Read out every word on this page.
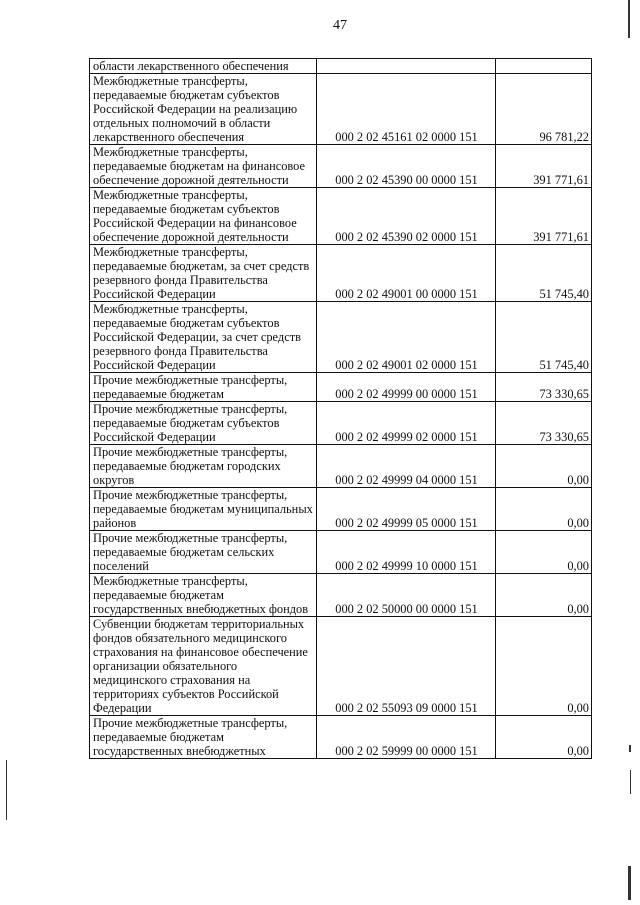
47
области лекарственного обеспечения		
Межбюджетные трансферты, передаваемые бюджетам субъектов Российской Федерации на реализацию отдельных полномочий в области лекарственного обеспечения	000 2 02 45161 02 0000 151	96 781,22
Межбюджетные трансферты, передаваемые бюджетам на финансовое обеспечение дорожной деятельности	000 2 02 45390 00 0000 151	391 771,61
Межбюджетные трансферты, передаваемые бюджетам субъектов Российской Федерации на финансовое обеспечение дорожной деятельности	000 2 02 45390 02 0000 151	391 771,61
Межбюджетные трансферты, передаваемые бюджетам, за счет средств резервного фонда Правительства Российской Федерации	000 2 02 49001 00 0000 151	51 745,40
Межбюджетные трансферты, передаваемые бюджетам субъектов Российской Федерации, за счет средств резервного фонда Правительства Российской Федерации	000 2 02 49001 02 0000 151	51 745,40
Прочие межбюджетные трансферты, передаваемые бюджетам	000 2 02 49999 00 0000 151	73 330,65
Прочие межбюджетные трансферты, передаваемые бюджетам субъектов Российской Федерации	000 2 02 49999 02 0000 151	73 330,65
Прочие межбюджетные трансферты, передаваемые бюджетам городских округов	000 2 02 49999 04 0000 151	0,00
Прочие межбюджетные трансферты, передаваемые бюджетам муниципальных районов	000 2 02 49999 05 0000 151	0,00
Прочие межбюджетные трансферты, передаваемые бюджетам сельских поселений	000 2 02 49999 10 0000 151	0,00
Межбюджетные трансферты, передаваемые бюджетам государственных внебюджетных фондов	000 2 02 50000 00 0000 151	0,00
Субвенции бюджетам территориальных фондов обязательного медицинского страхования на финансовое обеспечение организации обязательного медицинского страхования на территориях субъектов Российской Федерации	000 2 02 55093 09 0000 151	0,00
Прочие межбюджетные трансферты, передаваемые бюджетам государственных внебюджетных	000 2 02 59999 00 0000 151	0,00
